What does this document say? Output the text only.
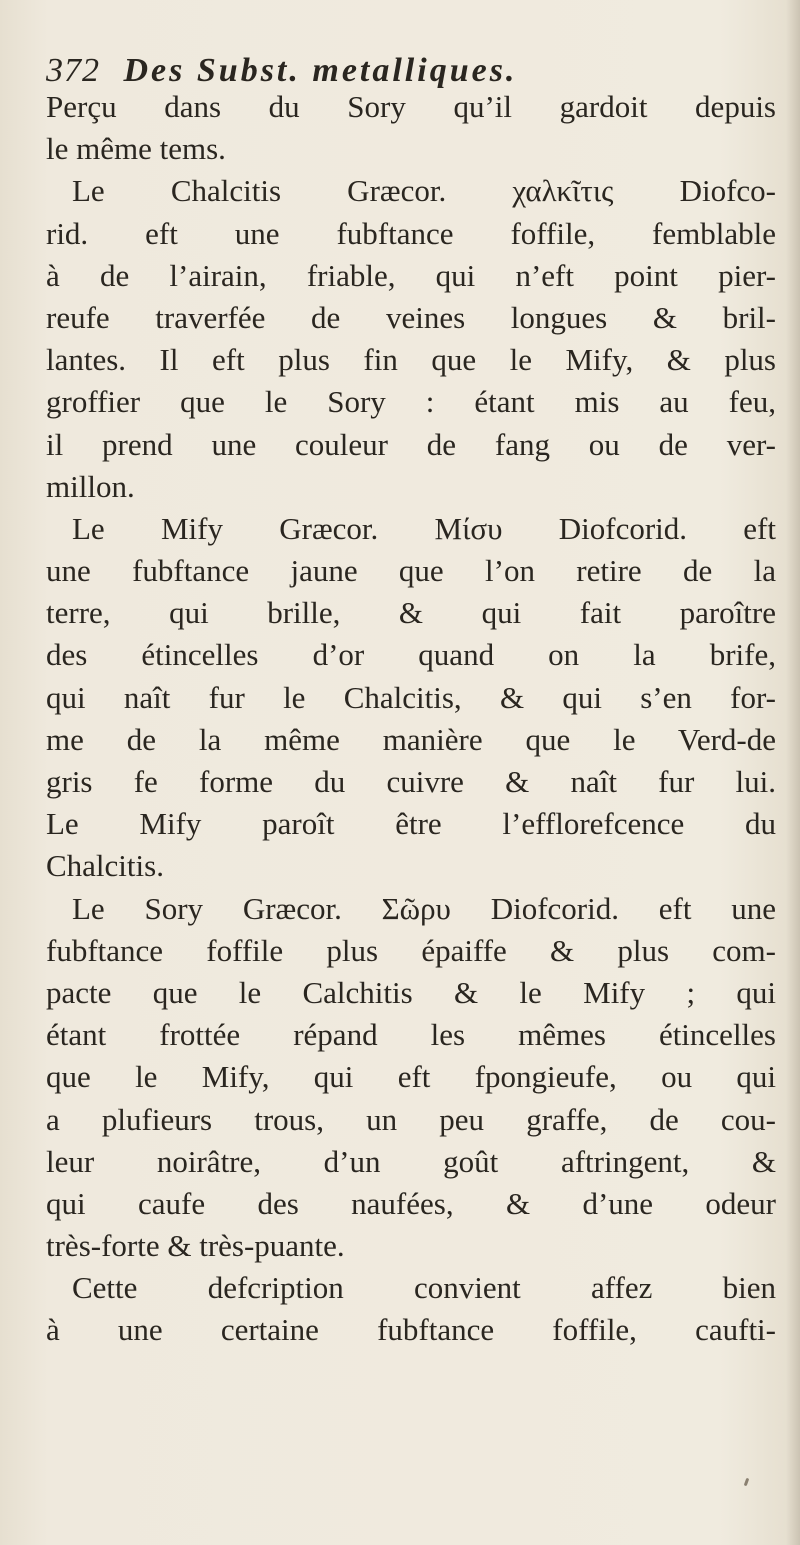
372 Des Subst. metalliques.
Perçu dans du Sory qu’il gardoit depuis
le même tems.
Le Chalcitis Græcor. χαλκῖτις Diofco-
rid. eft une fubftance foffile, femblable
à de l’airain, friable, qui n’eft point pier-
reufe traverfée de veines longues & bril-
lantes. Il eft plus fin que le Mify, & plus
groffier que le Sory : étant mis au feu,
il prend une couleur de fang ou de ver-
millon.
Le Mify Græcor. Μίσυ Diofcorid. eft
une fubftance jaune que l’on retire de la
terre, qui brille, & qui fait paroître
des étincelles d’or quand on la brife,
qui naît fur le Chalcitis, & qui s’en for-
me de la même manière que le Verd-de
gris fe forme du cuivre & naît fur lui.
Le Mify paroît être l’efflorefcence du
Chalcitis.
Le Sory Græcor. Σῶρυ Diofcorid. eft une
fubftance foffile plus épaiffe & plus com-
pacte que le Calchitis & le Mify ; qui
étant frottée répand les mêmes étincelles
que le Mify, qui eft fpongieufe, ou qui
a plufieurs trous, un peu graffe, de cou-
leur noirâtre, d’un goût aftringent, &
qui caufe des naufées, & d’une odeur
très-forte & très-puante.
Cette defcription convient affez bien
à une certaine fubftance foffile, caufti-
